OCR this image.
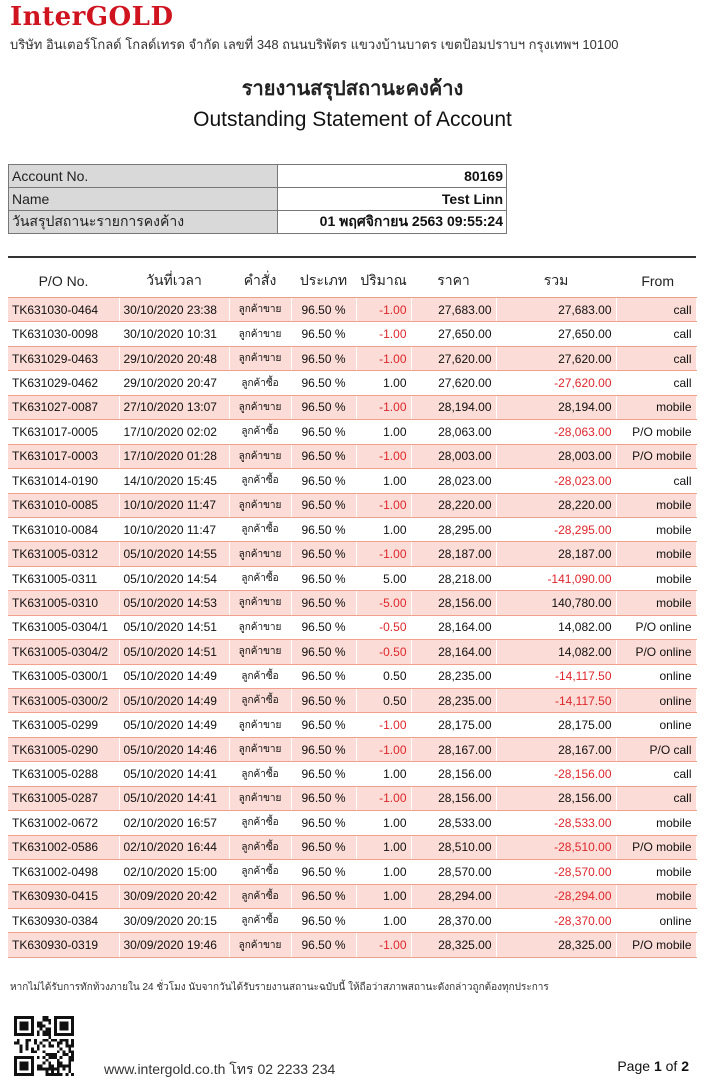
InterGOLD
บริษัท อินเตอร์โกลด์ โกลด์เทรด จำกัด เลขที่ 348 ถนนบริพัตร แขวงบ้านบาตร เขตป้อมปราบฯ กรุงเทพฯ 10100
รายงานสรุปสถานะคงค้าง
Outstanding Statement of Account
Account No.	80169
Name	Test Linn
วันสรุปสถานะรายการคงค้าง	01 พฤศจิกายน 2563 09:55:24
P/O No.	วันที่เวลา	คำสั่ง	ประเภท	ปริมาณ	ราคา	รวม	From
TK631030-0464	30/10/2020 23:38	ลูกค้าขาย	96.50 %	-1.00	27,683.00	27,683.00	call
TK631030-0098	30/10/2020 10:31	ลูกค้าขาย	96.50 %	-1.00	27,650.00	27,650.00	call
TK631029-0463	29/10/2020 20:48	ลูกค้าขาย	96.50 %	-1.00	27,620.00	27,620.00	call
TK631029-0462	29/10/2020 20:47	ลูกค้าซื้อ	96.50 %	1.00	27,620.00	-27,620.00	call
TK631027-0087	27/10/2020 13:07	ลูกค้าขาย	96.50 %	-1.00	28,194.00	28,194.00	mobile
TK631017-0005	17/10/2020 02:02	ลูกค้าซื้อ	96.50 %	1.00	28,063.00	-28,063.00	P/O mobile
TK631017-0003	17/10/2020 01:28	ลูกค้าขาย	96.50 %	-1.00	28,003.00	28,003.00	P/O mobile
TK631014-0190	14/10/2020 15:45	ลูกค้าซื้อ	96.50 %	1.00	28,023.00	-28,023.00	call
TK631010-0085	10/10/2020 11:47	ลูกค้าขาย	96.50 %	-1.00	28,220.00	28,220.00	mobile
TK631010-0084	10/10/2020 11:47	ลูกค้าซื้อ	96.50 %	1.00	28,295.00	-28,295.00	mobile
TK631005-0312	05/10/2020 14:55	ลูกค้าขาย	96.50 %	-1.00	28,187.00	28,187.00	mobile
TK631005-0311	05/10/2020 14:54	ลูกค้าซื้อ	96.50 %	5.00	28,218.00	-141,090.00	mobile
TK631005-0310	05/10/2020 14:53	ลูกค้าขาย	96.50 %	-5.00	28,156.00	140,780.00	mobile
TK631005-0304/1	05/10/2020 14:51	ลูกค้าขาย	96.50 %	-0.50	28,164.00	14,082.00	P/O online
TK631005-0304/2	05/10/2020 14:51	ลูกค้าขาย	96.50 %	-0.50	28,164.00	14,082.00	P/O online
TK631005-0300/1	05/10/2020 14:49	ลูกค้าซื้อ	96.50 %	0.50	28,235.00	-14,117.50	online
TK631005-0300/2	05/10/2020 14:49	ลูกค้าซื้อ	96.50 %	0.50	28,235.00	-14,117.50	online
TK631005-0299	05/10/2020 14:49	ลูกค้าขาย	96.50 %	-1.00	28,175.00	28,175.00	online
TK631005-0290	05/10/2020 14:46	ลูกค้าขาย	96.50 %	-1.00	28,167.00	28,167.00	P/O call
TK631005-0288	05/10/2020 14:41	ลูกค้าซื้อ	96.50 %	1.00	28,156.00	-28,156.00	call
TK631005-0287	05/10/2020 14:41	ลูกค้าขาย	96.50 %	-1.00	28,156.00	28,156.00	call
TK631002-0672	02/10/2020 16:57	ลูกค้าซื้อ	96.50 %	1.00	28,533.00	-28,533.00	mobile
TK631002-0586	02/10/2020 16:44	ลูกค้าซื้อ	96.50 %	1.00	28,510.00	-28,510.00	P/O mobile
TK631002-0498	02/10/2020 15:00	ลูกค้าซื้อ	96.50 %	1.00	28,570.00	-28,570.00	mobile
TK630930-0415	30/09/2020 20:42	ลูกค้าซื้อ	96.50 %	1.00	28,294.00	-28,294.00	mobile
TK630930-0384	30/09/2020 20:15	ลูกค้าซื้อ	96.50 %	1.00	28,370.00	-28,370.00	online
TK630930-0319	30/09/2020 19:46	ลูกค้าขาย	96.50 %	-1.00	28,325.00	28,325.00	P/O mobile
หากไม่ได้รับการทักท้วงภายใน 24 ชั่วโมง นับจากวันได้รับรายงานสถานะฉบับนี้ ให้ถือว่าสภาพสถานะดังกล่าวถูกต้องทุกประการ
www.intergold.co.th โทร 02 2233 234	Page 1 of 2
